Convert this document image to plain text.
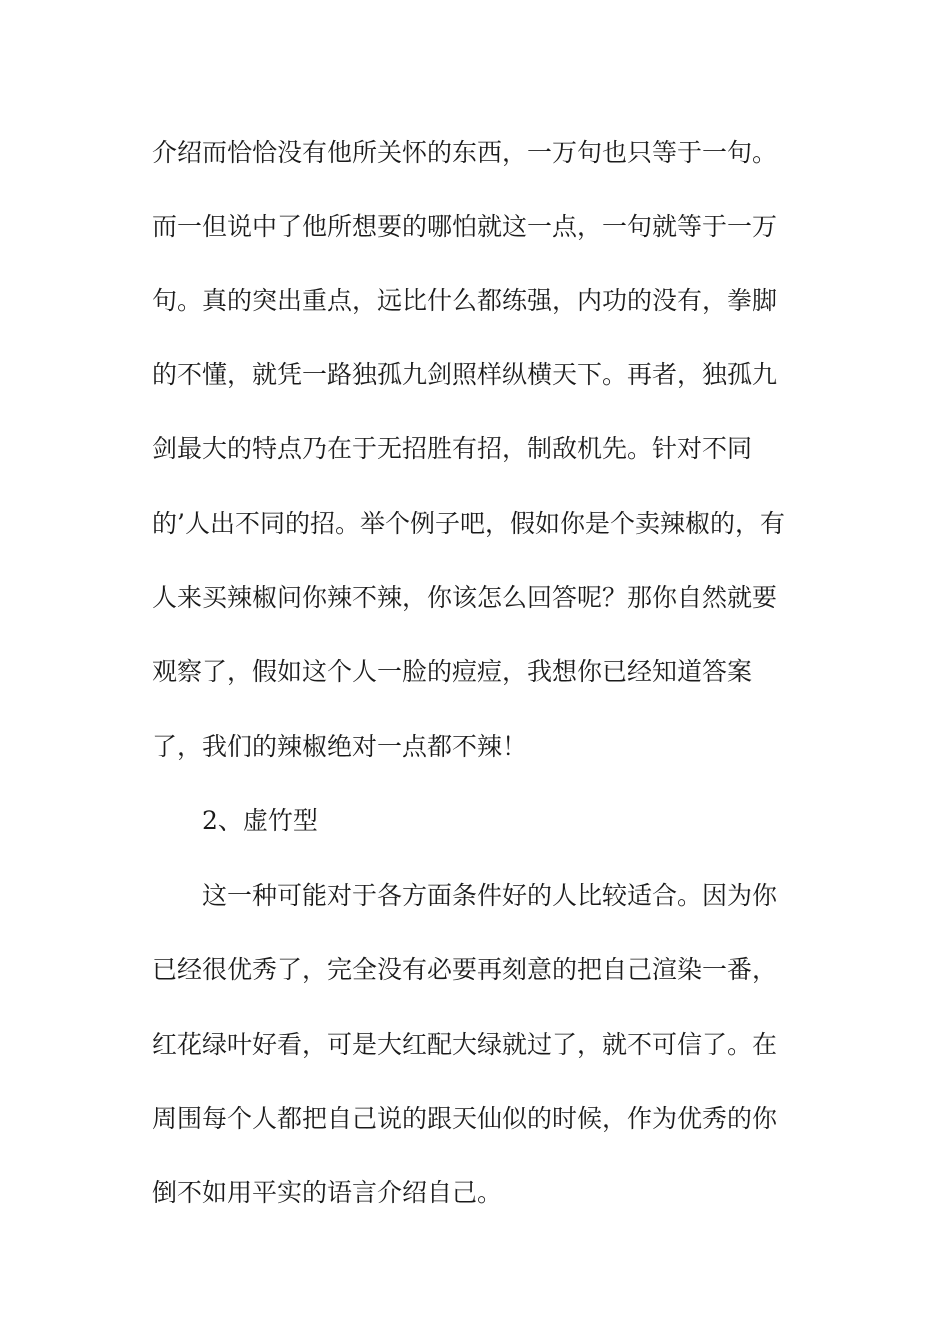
介绍而恰恰没有他所关怀的东西，一万句也只等于一句。
而一但说中了他所想要的哪怕就这一点，一句就等于一万
句。真的突出重点，远比什么都练强，内功的没有，拳脚
的不懂，就凭一路独孤九剑照样纵横天下。再者，独孤九
剑最大的特点乃在于无招胜有招，制敌机先。针对不同
的’人出不同的招。举个例子吧，假如你是个卖辣椒的，有
人来买辣椒问你辣不辣，你该怎么回答呢？那你自然就要
观察了，假如这个人一脸的痘痘，我想你已经知道答案
了，我们的辣椒绝对一点都不辣！
2、虚竹型
这一种可能对于各方面条件好的人比较适合。因为你
已经很优秀了，完全没有必要再刻意的把自己渲染一番，
红花绿叶好看，可是大红配大绿就过了，就不可信了。在
周围每个人都把自己说的跟天仙似的时候，作为优秀的你
倒不如用平实的语言介绍自己。
